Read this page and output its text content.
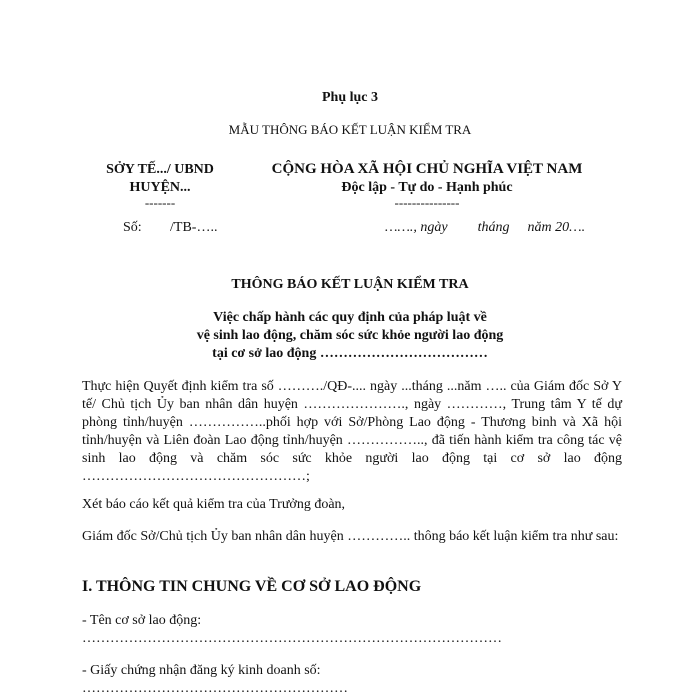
Phụ lục 3
MẪU THÔNG BÁO KẾT LUẬN KIỂM TRA
SỞY TẾ.../ UBND
HUYỆN...
-------
CỘNG HÒA XÃ HỘI CHỦ NGHĨA VIỆT NAM
Độc lập - Tự do - Hạnh phúc
---------------
Số: /TB-…..	……., ngày tháng năm 20….
THÔNG BÁO KẾT LUẬN KIỂM TRA
Việc chấp hành các quy định của pháp luật về
vệ sinh lao động, chăm sóc sức khỏe người lao động
tại cơ sở lao động ………………………………
Thực hiện Quyết định kiểm tra số ………./QĐ-.... ngày ...tháng ...năm ….. của Giám đốc Sở Y tế/ Chủ tịch Ủy ban nhân dân huyện …………………., ngày …………, Trung tâm Y tế dự phòng tỉnh/huyện ……………..phối hợp với Sở/Phòng Lao động - Thương binh và Xã hội tỉnh/huyện và Liên đoàn Lao động tỉnh/huyện …………….., đã tiến hành kiểm tra công tác vệ sinh lao động và chăm sóc sức khỏe người lao động tại cơ sở lao động …………………………………………;
Xét báo cáo kết quả kiểm tra của Trưởng đoàn,
Giám đốc Sở/Chủ tịch Ủy ban nhân dân huyện ………….. thông báo kết luận kiểm tra như sau:
I. THÔNG TIN CHUNG VỀ CƠ SỞ LAO ĐỘNG
- Tên cơ sở lao động:
………………………………………………………………………………
- Giấy chứng nhận đăng ký kinh doanh số:
…………………………………………………
